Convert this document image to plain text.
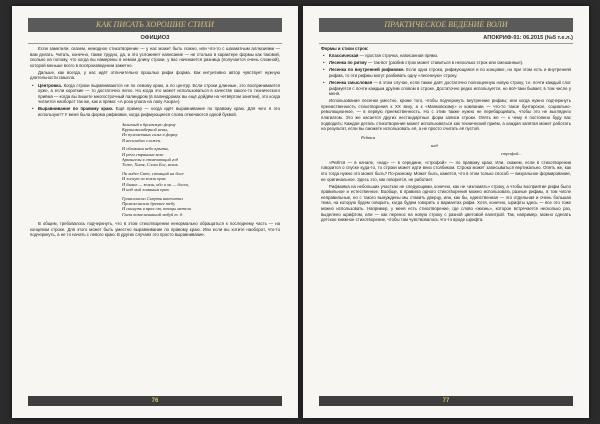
КАК ПИСАТЬ ХОРОШИЕ СТИХИ
ОФИЦИОЗ

Если заметили, сказем, немодное стихотворение — у нас может быть ложно, или что-то с шахматным аллюзиями — вам делать. Читать, конечно, также трудно, да, и это усложняет написание — не столько в характере формы как таковой, сколько на потому, что когда вы намерены в немом длину строки, у вас начинается разница (получается очень сложной), которой меньше всего в воспроизведении заметно.

Дальше, как всегда, у нас идёт отличительно прошлых рифм форма. Как интуитивно автор чувствует нужную длительности смысла.

• Центровка. Когда строки выравниваются не по левому краю, а по центру. Если строки длинные, это воспринимается хуже, а если короткие — то достаточно легко. Но когда это может использоваться в качестве какого-то технического приёма — когда вы пишете многострочный палиндром (в палиндромах вы ещё дойдём на четвёртом занятии), это когда читается наоборот так же, как и прямо: «А роза упала на лапу Азора»).
• Выравнивание по правому краю. Ещё пример — когда идёт выравнивание по правому краю. Для чего я это используют? У меня была форма рифмовки, когда рифмующиеся слова отмечаются одной буквой.
Залитый в бронзовую форму
Крупнокалиберной вены,
Из пулеметных гильз в форму
Я нескладно сложен.
И облаками небо крыты,
И речи странные вели
Архангелы в отмечающий год
Тоже, Хотя, Слово Бог, велик.
Он видел Свет, стоящий на боле
И лоскут из земли прах
И бывал — земли, ибо я он — болен,
И над мой ломаным прах.
Громогласно Смерть напечатал
Провозгласили древнее тебу
И скинуть в прах от, птицы метели
Глаза возвеличивший любуй т. д.

В общем, требовалось подчеркнуть, что в этом стихотворении ненормально обращаться к последнему часть — на концевом строке. Для этого может быть уместно выравнивание по правому краю. Или если вы хотите наоборот, что-то подчеркнуть, а не то начать с левого краю. В других случаях это просто выравнивание.

76
ПРАКТИЧЕСКОЕ ВЕДЕНИЕ ВОЛИ
АПОКРИФ-91: 06.2015 (№5 т.е.л.)
Формы и стихи строк:
• Классическая — простая строчка, написанная прямо.
• Лесенка по ритму — так-вот (разбив строк может ставиться в несколько строк или смешанные).
• Лесенка по внутренней рифмовке. Если одна строка, рифмующаяся и по концовке, но при этом есть и внутренняя рифма, то эти рифмы могут разбивать одну «лесенную» строку.
• Лесенка смысловая — в этом случае, если также даёт достаточно полноценную новую строку, т.е. почти каждый слог рифмуется с почти каждым другим словом в строке. Достаточно редко используется, но всё-таки бывает, в том числе у меня.

Использование лесенки уместно, кроме того, чтобы подчеркнуть внутренние рифмы; или когда нужно подчеркнуть преемственность стихотворения к XX веку, а к «Маяковскому» и компании — что-то такое бунтарское, социально-революционное, — в первую преемственность. Но с этим также нужно не перебарщивать, чтобы это не выглядело плагиатом. Это же касается других нестандартных форм записи строки. Опять же — к чему я постоянно буду вас подводить: Каждая деталь стихотворения может использоваться как технический приём, а каждая запятая может работать на результат, если вы сможете использовать её, а не просто считать её пустой.

Рейтся
над
строфой...

«Рейтся — в начале, «над» — в середине, «строфой» — по правому краю. Или, скажем, если в стихотворении говорится о спуске куда-то, то строки может идти вниз столбиком. Строка может записываться вертикально. Опять же, как кто тогда нужно это может быть? По-разному. Может быть, кажется, что в этом только способ — визуальное формирование, не оригинальное. Здесь это, как говорится, не работает.

Рифмовка на небольших участках не следующими, конечно, как не «изломать» строку, а чтобы восприятие рифм было правильное и естественное. Вообще, в правила одного стихотворения можно использовать разные рифмы, в том числе неправильные, но с такого вынуждены мы ставить дверцу, или, как бы, единственная — это отдельная и очень большая тема, на которую будем говорить, когда будем говорить о вариантах рифм. Хотя, конечно, шрифты здесь — все это тоже можно использовать. Например, у меня есть стихотворение, где слово «жизнь», которое встречается несколько раз, выделено шрифтом, или — как перенос на новую строку с разной цветовой палитрой. Так, например, можно сделать детское книжное стихотворение, чтобы там чувствовалось что-то вроде шрифта.

77
